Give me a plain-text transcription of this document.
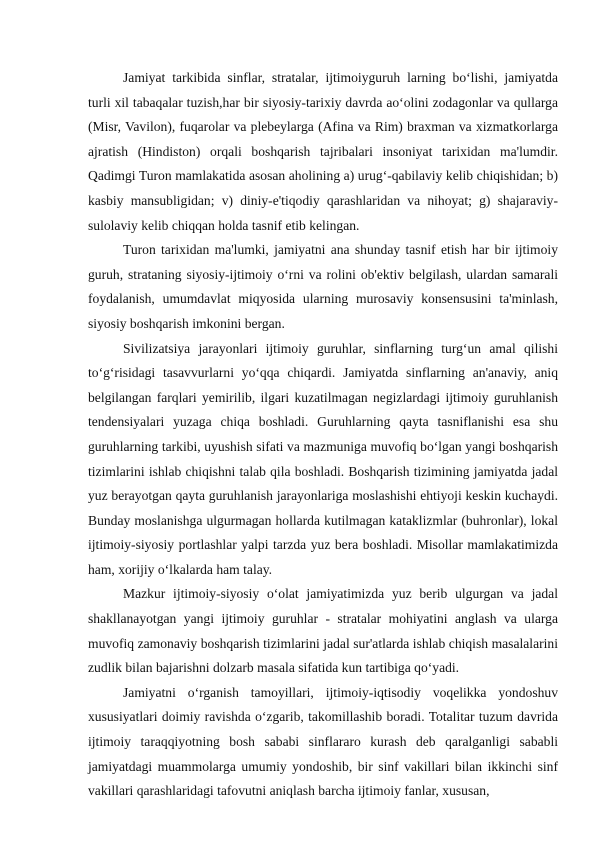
Jamiyat tarkibida sinflar, stratalar, ijtimoiyguruh larning bo‘lishi, jamiyatda turli xil tabaqalar tuzish,har bir siyosiy-tarixiy davrda ao‘olini zodagonlar va qullarga (Misr, Vavilon), fuqarolar va plebeylarga (Afina va Rim) braxman va xizmatkorlarga ajratish (Hindiston) orqali boshqarish tajribalari insoniyat tarixidan ma'lumdir. Qadimgi Turon mamlakatida asosan aholining a) urug‘-qabilaviy kelib chiqishidan; b) kasbiy mansubligidan; v) diniy-e'tiqodiy qarashlaridan va nihoyat; g) shajaraviy-sulolaviy kelib chiqqan holda tasnif etib kelingan.

Turon tarixidan ma'lumki, jamiyatni ana shunday tasnif etish har bir ijtimoiy guruh, strataning siyosiy-ijtimoiy o‘rni va rolini ob'ektiv belgilash, ulardan samarali foydalanish, umumdavlat miqyosida ularning murosaviy konsensusini ta'minlash, siyosiy boshqarish imkonini bergan.

Sivilizatsiya jarayonlari ijtimoiy guruhlar, sinflarning turg‘un amal qilishi to‘g‘risidagi tasavvurlarni yo‘qqa chiqardi. Jamiyatda sinflarning an'anaviy, aniq belgilangan farqlari yemirilib, ilgari kuzatilmagan negizlardagi ijtimoiy guruhlanish tendensiyalari yuzaga chiqa boshladi. Guruhlarning qayta tasniflanishi esa shu guruhlarning tarkibi, uyushish sifati va mazmuniga muvofiq bo‘lgan yangi boshqarish tizimlarini ishlab chiqishni talab qila boshladi. Boshqarish tizimining jamiyatda jadal yuz berayotgan qayta guruhlanish jarayonlariga moslashishi ehtiyoji keskin kuchaydi. Bunday moslanishga ulgurmagan hollarda kutilmagan kataklizmlar (buhronlar), lokal ijtimoiy-siyosiy portlashlar yalpi tarzda yuz bera boshladi. Misollar mamlakatimizda ham, xorijiy o‘lkalarda ham talay.

Mazkur ijtimoiy-siyosiy o‘olat jamiyatimizda yuz berib ulgurgan va jadal shakllanayotgan yangi ijtimoiy guruhlar - stratalar mohiyatini anglash va ularga muvofiq zamonaviy boshqarish tizimlarini jadal sur'atlarda ishlab chiqish masalalarini zudlik bilan bajarishni dolzarb masala sifatida kun tartibiga qo‘yadi.

Jamiyatni o‘rganish tamoyillari, ijtimoiy-iqtisodiy voqelikka yondoshuv xususiyatlari doimiy ravishda o‘zgarib, takomillashib boradi. Totalitar tuzum davrida ijtimoiy taraqqiyotning bosh sababi sinflararo kurash deb qaralganligi sababli jamiyatdagi muammolarga umumiy yondoshib, bir sinf vakillari bilan ikkinchi sinf vakillari qarashlaridagi tafovutni aniqlash barcha ijtimoiy fanlar, xususan,
